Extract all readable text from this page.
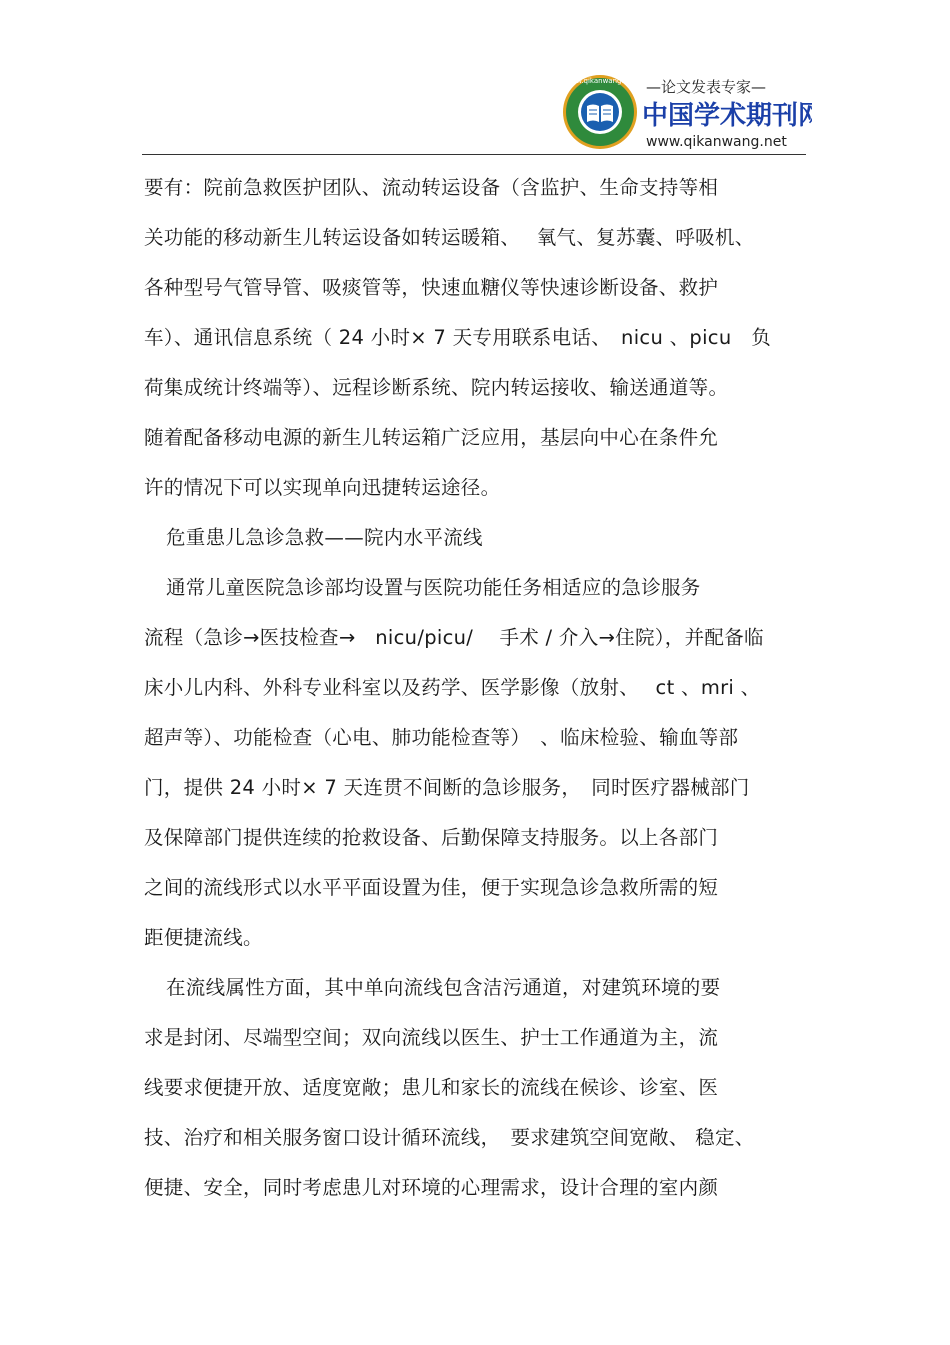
www.qikanwang.net —论文发表专家—
中国学术期刊网
www.qikanwang.net
要有：院前急救医护团队、流动转运设备（含监护、生命支持等相
关功能的移动新生儿转运设备如转运暖箱、　 氧气、复苏囊、呼吸机、
各种型号气管导管、吸痰管等，快速血糖仪等快速诊断设备、救护
车）、通讯信息系统（ 24 小时× 7 天专用联系电话、　nicu 、picu　负
荷集成统计终端等）、远程诊断系统、院内转运接收、输送通道等。
随着配备移动电源的新生儿转运箱广泛应用，基层向中心在条件允
许的情况下可以实现单向迅捷转运途径。
危重患儿急诊急救——院内水平流线
通常儿童医院急诊部均设置与医院功能任务相适应的急诊服务
流程（急诊→医技检查→　nicu/picu/　 手术 / 介入→住院），并配备临
床小儿内科、外科专业科室以及药学、医学影像（放射、　 ct 、mri 、
超声等）、功能检查（心电、肺功能检查等）　、临床检验、输血等部
门，提供 24 小时× 7 天连贯不间断的急诊服务，　同时医疗器械部门
及保障部门提供连续的抢救设备、后勤保障支持服务。以上各部门
之间的流线形式以水平平面设置为佳，便于实现急诊急救所需的短
距便捷流线。
在流线属性方面，其中单向流线包含洁污通道，对建筑环境的要
求是封闭、尽端型空间；双向流线以医生、护士工作通道为主，流
线要求便捷开放、适度宽敞；患儿和家长的流线在候诊、诊室、医
技、治疗和相关服务窗口设计循环流线，　要求建筑空间宽敞、 稳定、
便捷、安全，同时考虑患儿对环境的心理需求，设计合理的室内颜
